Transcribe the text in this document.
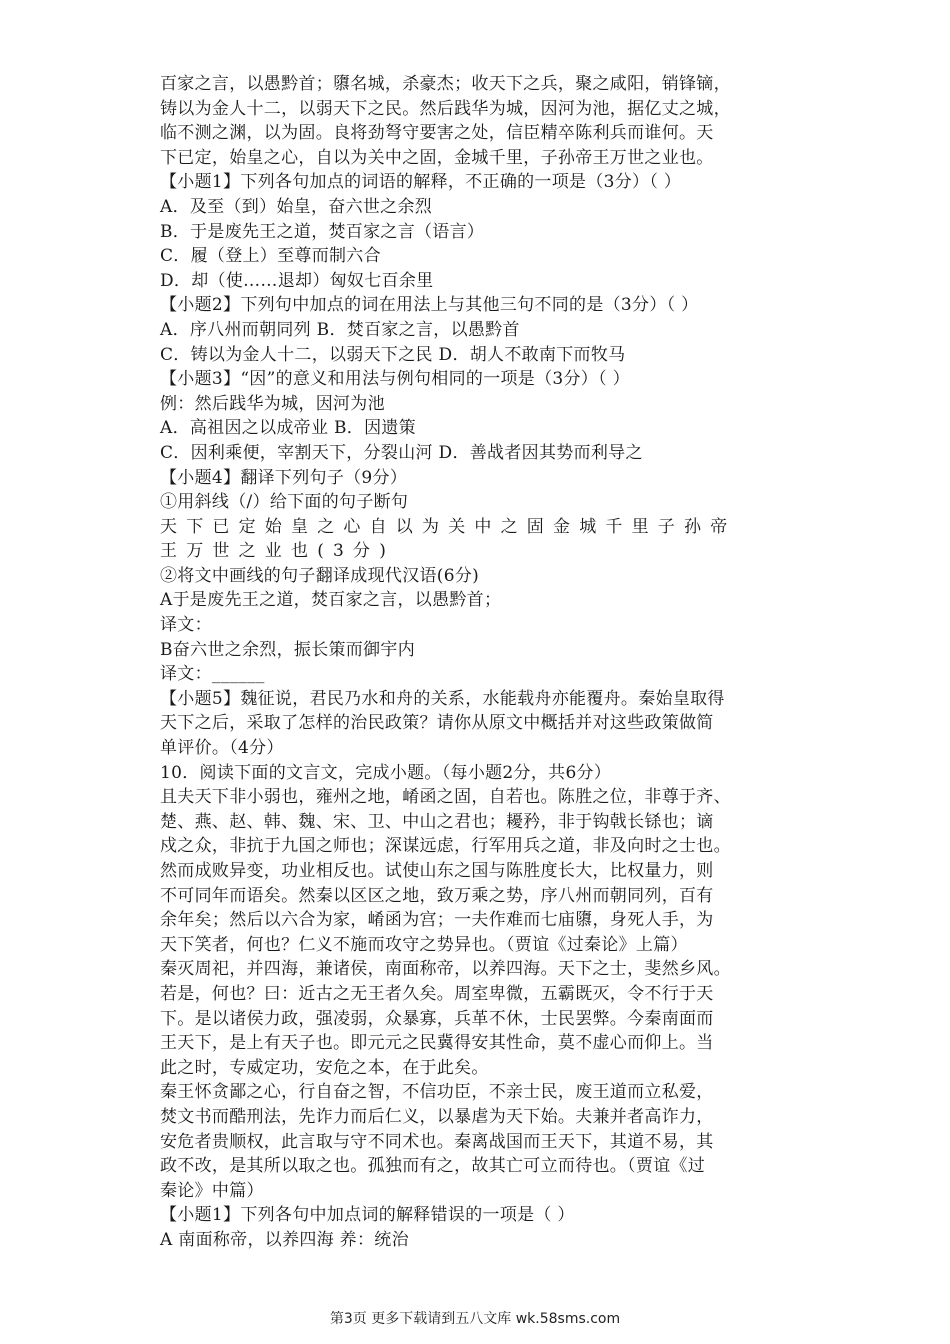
百家之言，以愚黔首；隳名城，杀豪杰；收天下之兵，聚之咸阳，销锋镝，
铸以为金人十二，以弱天下之民。然后践华为城，因河为池，据亿丈之城，
临不测之渊，以为固。良将劲弩守要害之处，信臣精卒陈利兵而谁何。天
下已定，始皇之心，自以为关中之固，金城千里，子孙帝王万世之业也。
【小题1】下列各句加点的词语的解释，不正确的一项是（3分）（ ）
A．及至（到）始皇，奋六世之余烈
B．于是废先王之道，焚百家之言（语言）
C．履（登上）至尊而制六合
D．却（使……退却）匈奴七百余里
【小题2】下列句中加点的词在用法上与其他三句不同的是（3分）（ ）
A．序八州而朝同列 B．焚百家之言，以愚黔首
C．铸以为金人十二，以弱天下之民 D．胡人不敢南下而牧马
【小题3】“因”的意义和用法与例句相同的一项是（3分）（ ）
例：然后践华为城，因河为池
A．高祖因之以成帝业 B．因遗策
C．因利乘便，宰割天下，分裂山河 D．善战者因其势而利导之
【小题4】翻译下列句子（9分）
①用斜线（/）给下面的句子断句
天下已定始皇之心自以为关中之固金城千里子孙帝
王万世之业也(3分)
②将文中画线的句子翻译成现代汉语(6分)
A于是废先王之道，焚百家之言，以愚黔首；
译文：
B奋六世之余烈，振长策而御宇内
译文：______
【小题5】魏征说，君民乃水和舟的关系，水能载舟亦能覆舟。秦始皇取得
天下之后，采取了怎样的治民政策？请你从原文中概括并对这些政策做简
单评价。（4分）
10．阅读下面的文言文，完成小题。（每小题2分，共6分）
且夫天下非小弱也，雍州之地，崤函之固，自若也。陈胜之位，非尊于齐、
楚、燕、赵、韩、魏、宋、卫、中山之君也；耰矜，非于钩戟长铩也；谪
戍之众，非抗于九国之师也；深谋远虑，行军用兵之道，非及向时之士也。
然而成败异变，功业相反也。试使山东之国与陈胜度长大，比权量力，则
不可同年而语矣。然秦以区区之地，致万乘之势，序八州而朝同列，百有
余年矣；然后以六合为家，崤函为宫；一夫作难而七庙隳，身死人手，为
天下笑者，何也？仁义不施而攻守之势异也。（贾谊《过秦论》上篇）
秦灭周祀，并四海，兼诸侯，南面称帝，以养四海。天下之士，斐然乡风。
若是，何也？曰：近古之无王者久矣。周室卑微，五霸既灭，令不行于天
下。是以诸侯力政，强凌弱，众暴寡，兵革不休，士民罢弊。今秦南面而
王天下，是上有天子也。即元元之民冀得安其性命，莫不虚心而仰上。当
此之时，专威定功，安危之本，在于此矣。
秦王怀贪鄙之心，行自奋之智，不信功臣，不亲士民，废王道而立私爱，
焚文书而酷刑法，先诈力而后仁义，以暴虐为天下始。夫兼并者高诈力，
安危者贵顺权，此言取与守不同术也。秦离战国而王天下，其道不易，其
政不改，是其所以取之也。孤独而有之，故其亡可立而待也。（贾谊《过
秦论》中篇）
【小题1】下列各句中加点词的解释错误的一项是（ ）
A 南面称帝，以养四海 养：统治
第3页 更多下载请到五八文库 wk.58sms.com
